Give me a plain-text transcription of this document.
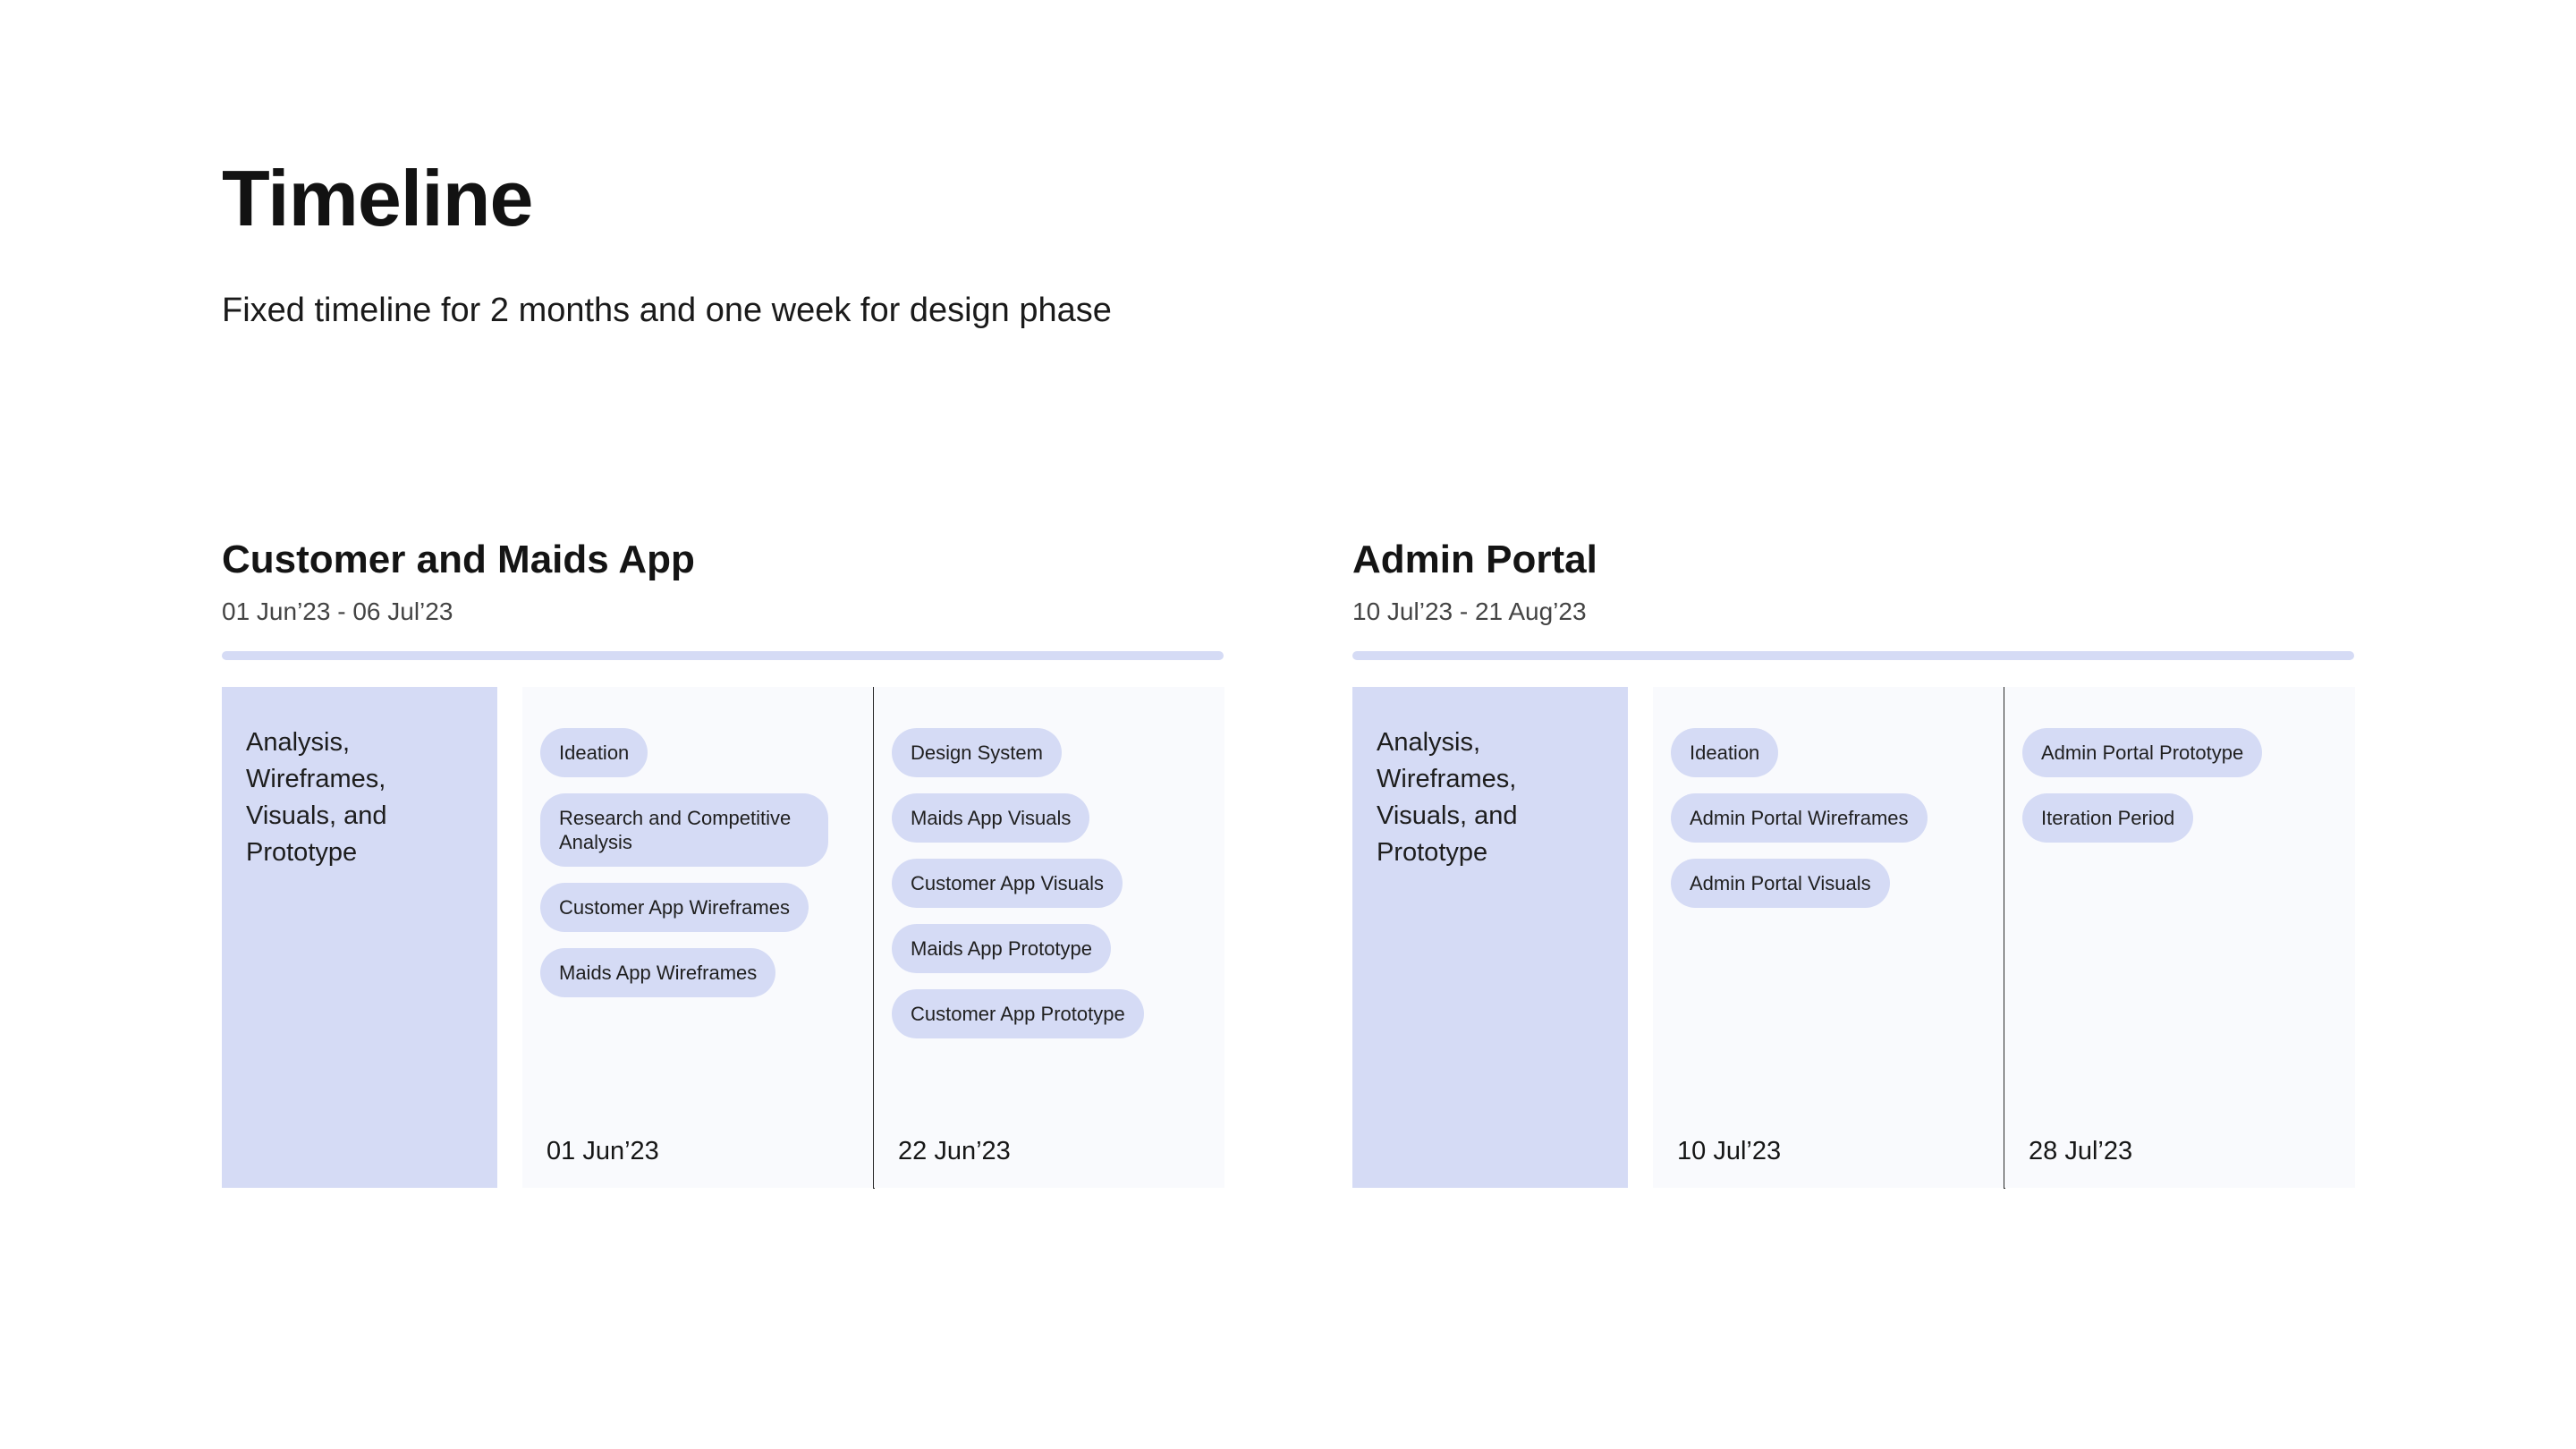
Timeline

Fixed timeline for 2 months and one week for design phase

Customer and Maids App
01 Jun’23 - 06 Jul’23
Analysis, Wireframes, Visuals, and Prototype
Ideation
Research and Competitive Analysis
Customer App Wireframes
Maids App Wireframes
01 Jun’23
Design System
Maids App Visuals
Customer App Visuals
Maids App Prototype
Customer App Prototype
22 Jun’23
Admin Portal
10 Jul’23 - 21 Aug’23
Analysis, Wireframes, Visuals, and Prototype
Ideation
Admin Portal Wireframes
Admin Portal Visuals
10 Jul’23
Admin Portal Prototype
Iteration Period
28 Jul’23
